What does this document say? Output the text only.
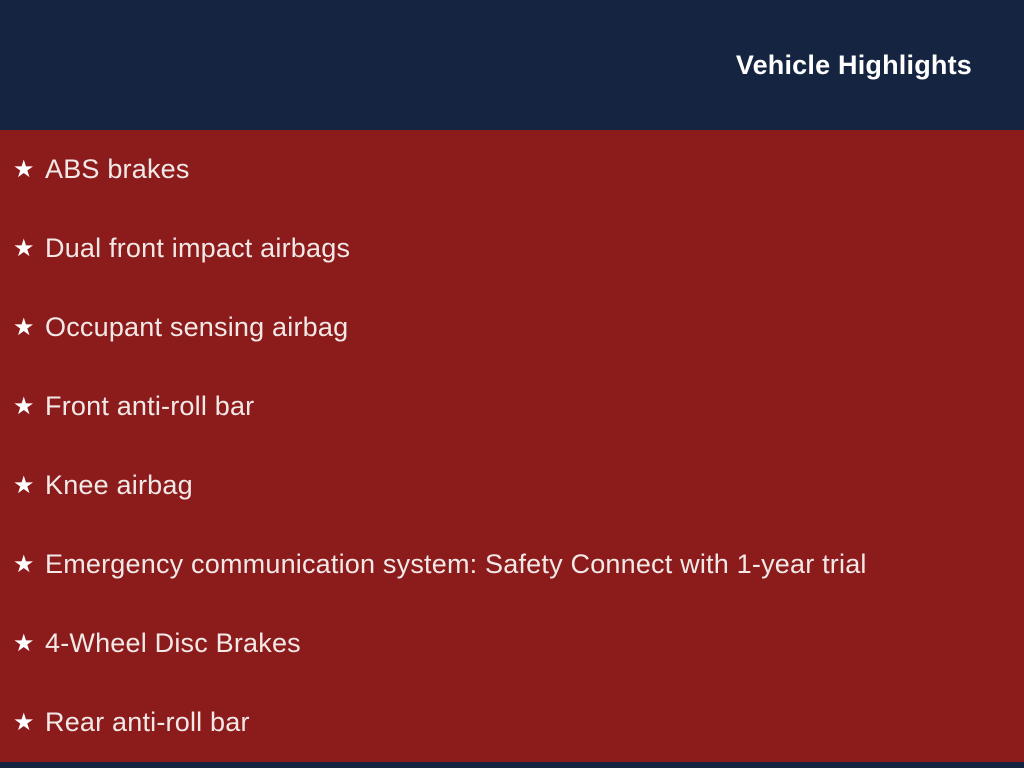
Vehicle Highlights
★ ABS brakes
★ Dual front impact airbags
★ Occupant sensing airbag
★ Front anti-roll bar
★ Knee airbag
★ Emergency communication system: Safety Connect with 1-year trial
★ 4-Wheel Disc Brakes
★ Rear anti-roll bar
